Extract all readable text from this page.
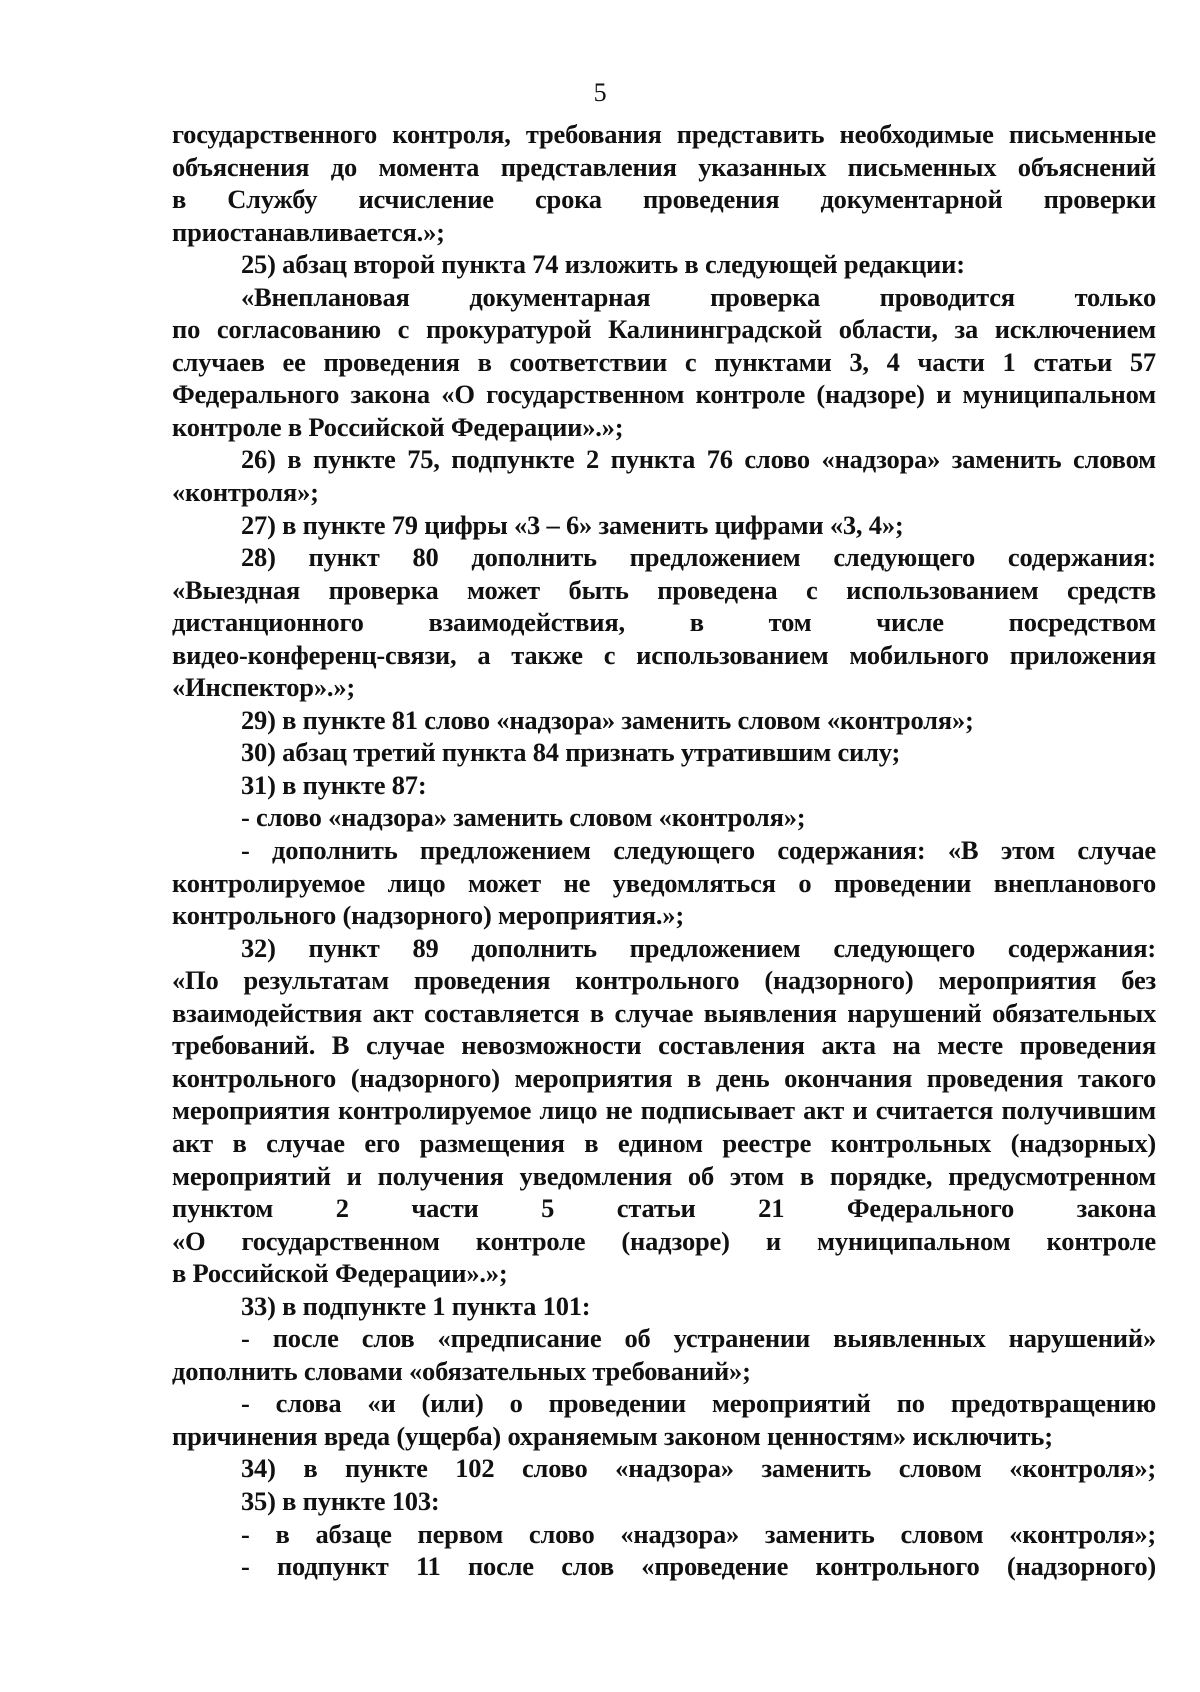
5
государственного контроля, требования представить необходимые письменные
объяснения до момента представления указанных письменных объяснений
в Службу исчисление срока проведения документарной проверки
приостанавливается.»;
25) абзац второй пункта 74 изложить в следующей редакции:
«Внеплановая документарная проверка проводится только
по согласованию с прокуратурой Калининградской области, за исключением
случаев ее проведения в соответствии с пунктами 3, 4 части 1 статьи 57
Федерального закона «О государственном контроле (надзоре) и муниципальном
контроле в Российской Федерации».»;
26) в пункте 75, подпункте 2 пункта 76 слово «надзора» заменить словом
«контроля»;
27) в пункте 79 цифры «3 – 6» заменить цифрами «3, 4»;
28) пункт 80 дополнить предложением следующего содержания:
«Выездная проверка может быть проведена с использованием средств
дистанционного взаимодействия, в том числе посредством
видео-конференц-связи, а также с использованием мобильного приложения
«Инспектор».»;
29) в пункте 81 слово «надзора» заменить словом «контроля»;
30) абзац третий пункта 84 признать утратившим силу;
31) в пункте 87:
- слово «надзора» заменить словом «контроля»;
- дополнить предложением следующего содержания: «В этом случае
контролируемое лицо может не уведомляться о проведении внепланового
контрольного (надзорного) мероприятия.»;
32) пункт 89 дополнить предложением следующего содержания:
«По результатам проведения контрольного (надзорного) мероприятия без
взаимодействия акт составляется в случае выявления нарушений обязательных
требований. В случае невозможности составления акта на месте проведения
контрольного (надзорного) мероприятия в день окончания проведения такого
мероприятия контролируемое лицо не подписывает акт и считается получившим
акт в случае его размещения в едином реестре контрольных (надзорных)
мероприятий и получения уведомления об этом в порядке, предусмотренном
пунктом 2 части 5 статьи 21 Федерального закона
«О государственном контроле (надзоре) и муниципальном контроле
в Российской Федерации».»;
33) в подпункте 1 пункта 101:
- после слов «предписание об устранении выявленных нарушений»
дополнить словами «обязательных требований»;
- слова «и (или) о проведении мероприятий по предотвращению
причинения вреда (ущерба) охраняемым законом ценностям» исключить;
34) в пункте 102 слово «надзора» заменить словом «контроля»;
35) в пункте 103:
- в абзаце первом слово «надзора» заменить словом «контроля»;
- подпункт 11 после слов «проведение контрольного (надзорного)
